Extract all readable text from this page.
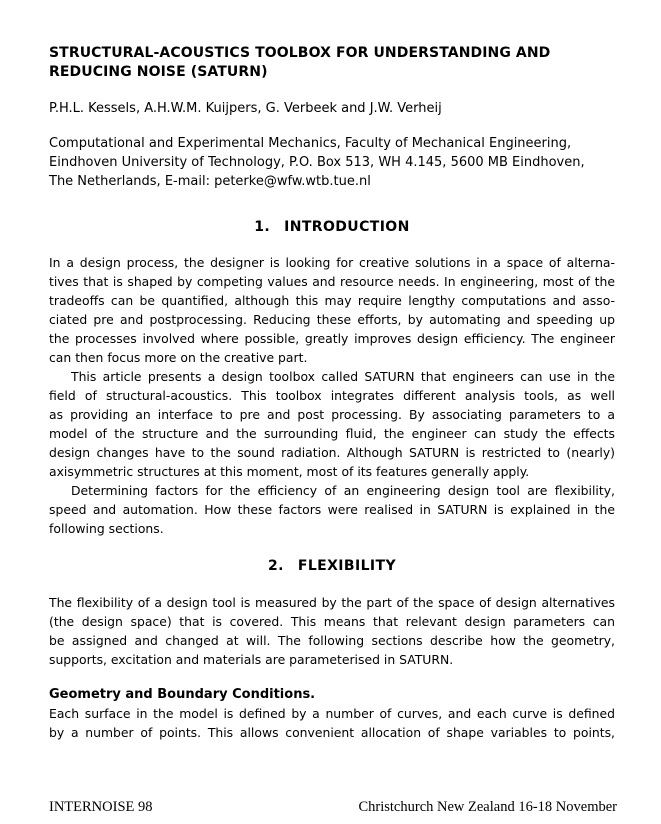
STRUCTURAL-ACOUSTICS TOOLBOX FOR UNDERSTANDING AND
REDUCING NOISE (SATURN)
P.H.L. Kessels, A.H.W.M. Kuijpers, G. Verbeek and J.W. Verheij
Computational and Experimental Mechanics, Faculty of Mechanical Engineering,
Eindhoven University of Technology, P.O. Box 513, WH 4.145, 5600 MB Eindhoven,
The Netherlands, E-mail: peterke@wfw.wtb.tue.nl
1. INTRODUCTION
In a design process, the designer is looking for creative solutions in a space of alterna-
tives that is shaped by competing values and resource needs. In engineering, most of the
tradeoffs can be quantified, although this may require lengthy computations and asso-
ciated pre and postprocessing. Reducing these efforts, by automating and speeding up
the processes involved where possible, greatly improves design efficiency. The engineer
can then focus more on the creative part.
This article presents a design toolbox called SATURN that engineers can use in the
field of structural-acoustics. This toolbox integrates different analysis tools, as well
as providing an interface to pre and post processing. By associating parameters to a
model of the structure and the surrounding fluid, the engineer can study the effects
design changes have to the sound radiation. Although SATURN is restricted to (nearly)
axisymmetric structures at this moment, most of its features generally apply.
Determining factors for the efficiency of an engineering design tool are flexibility,
speed and automation. How these factors were realised in SATURN is explained in the
following sections.
2. FLEXIBILITY
The flexibility of a design tool is measured by the part of the space of design alternatives
(the design space) that is covered. This means that relevant design parameters can
be assigned and changed at will. The following sections describe how the geometry,
supports, excitation and materials are parameterised in SATURN.
Geometry and Boundary Conditions.
Each surface in the model is defined by a number of curves, and each curve is defined
by a number of points. This allows convenient allocation of shape variables to points,
INTERNOISE 98	Christchurch New Zealand 16-18 November
